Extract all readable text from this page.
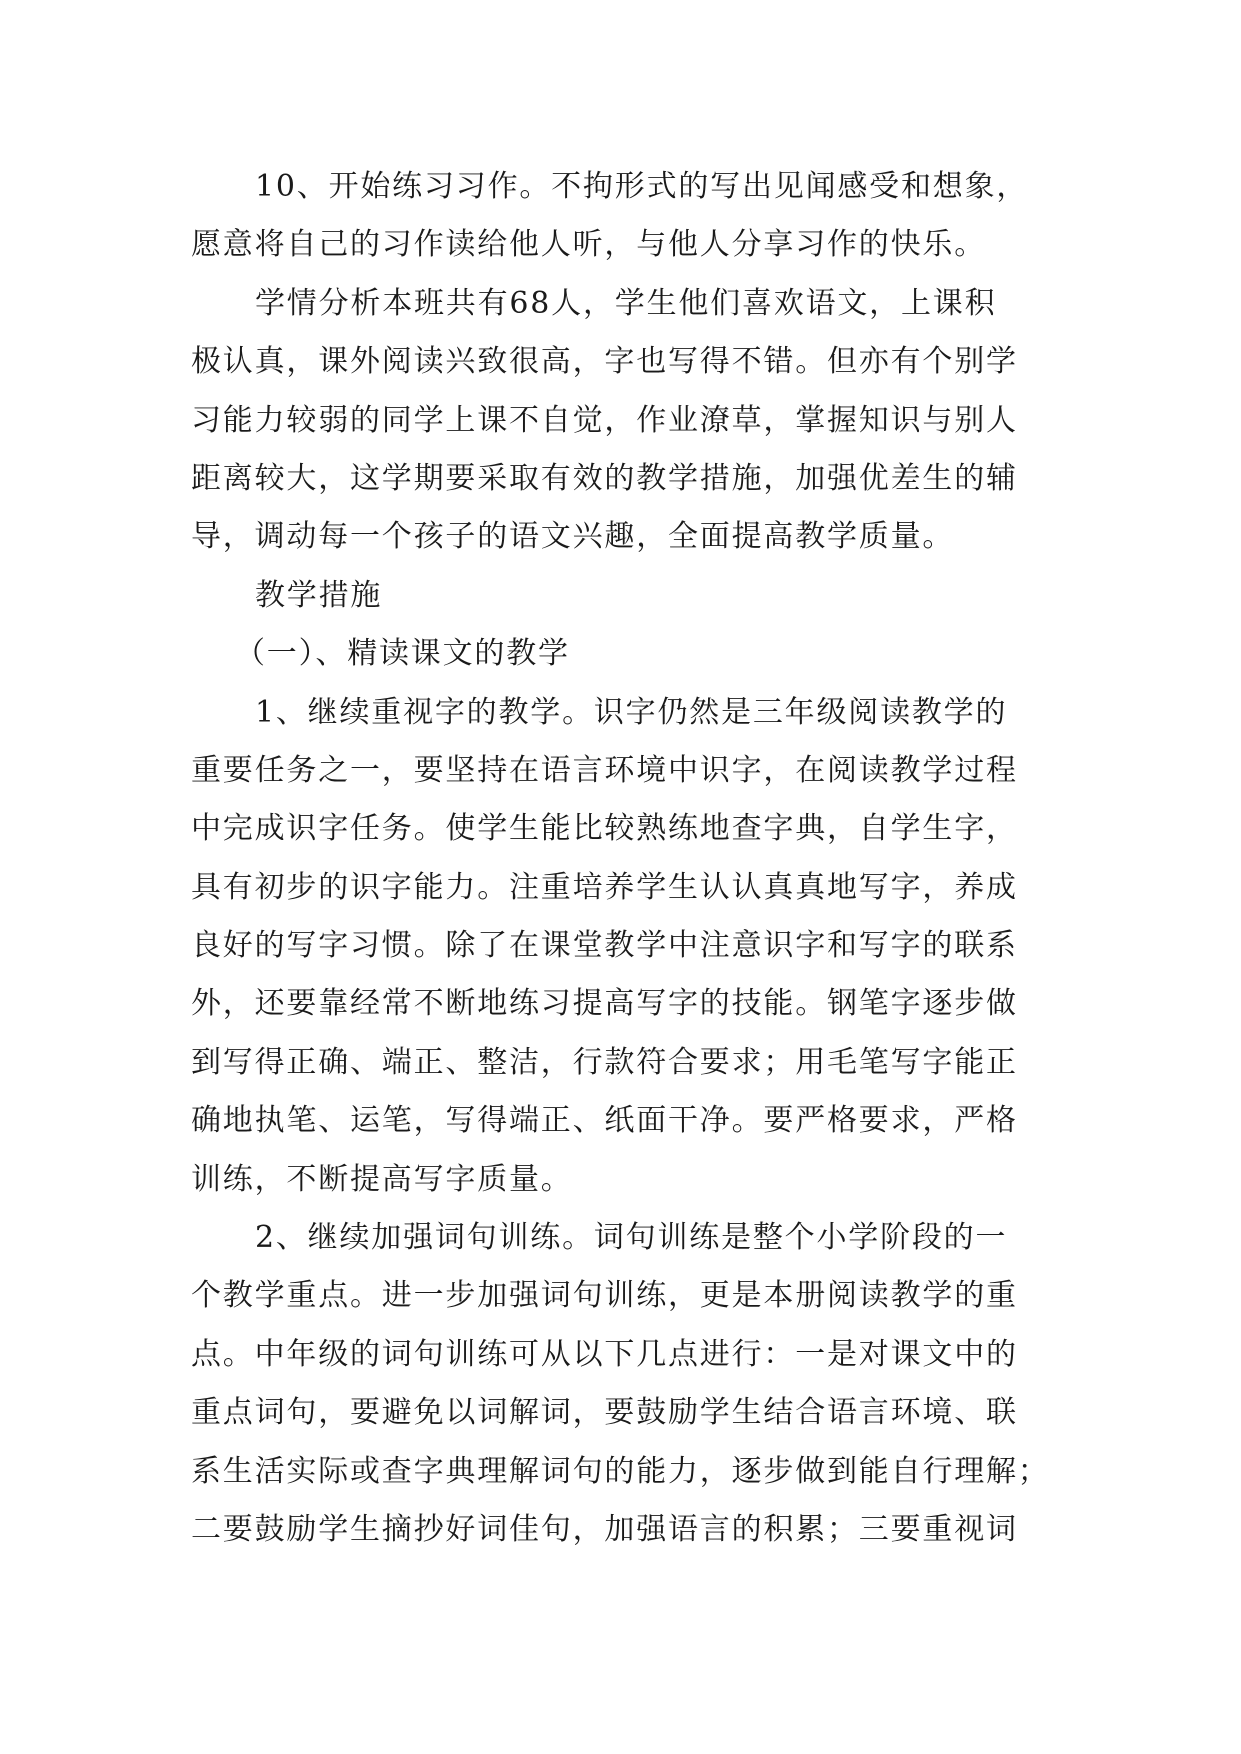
10、开始练习习作。不拘形式的写出见闻感受和想象，
愿意将自己的习作读给他人听，与他人分享习作的快乐。
学情分析本班共有68人，学生他们喜欢语文，上课积
极认真，课外阅读兴致很高，字也写得不错。但亦有个别学
习能力较弱的同学上课不自觉，作业潦草，掌握知识与别人
距离较大，这学期要采取有效的教学措施，加强优差生的辅
导，调动每一个孩子的语文兴趣，全面提高教学质量。
教学措施
（一）、精读课文的教学
1、继续重视字的教学。识字仍然是三年级阅读教学的
重要任务之一，要坚持在语言环境中识字，在阅读教学过程
中完成识字任务。使学生能比较熟练地查字典，自学生字，
具有初步的识字能力。注重培养学生认认真真地写字，养成
良好的写字习惯。除了在课堂教学中注意识字和写字的联系
外，还要靠经常不断地练习提高写字的技能。钢笔字逐步做
到写得正确、端正、整洁，行款符合要求；用毛笔写字能正
确地执笔、运笔，写得端正、纸面干净。要严格要求，严格
训练，不断提高写字质量。
2、继续加强词句训练。词句训练是整个小学阶段的一
个教学重点。进一步加强词句训练，更是本册阅读教学的重
点。中年级的词句训练可从以下几点进行：一是对课文中的
重点词句，要避免以词解词，要鼓励学生结合语言环境、联
系生活实际或查字典理解词句的能力，逐步做到能自行理解；
二要鼓励学生摘抄好词佳句，加强语言的积累；三要重视词
